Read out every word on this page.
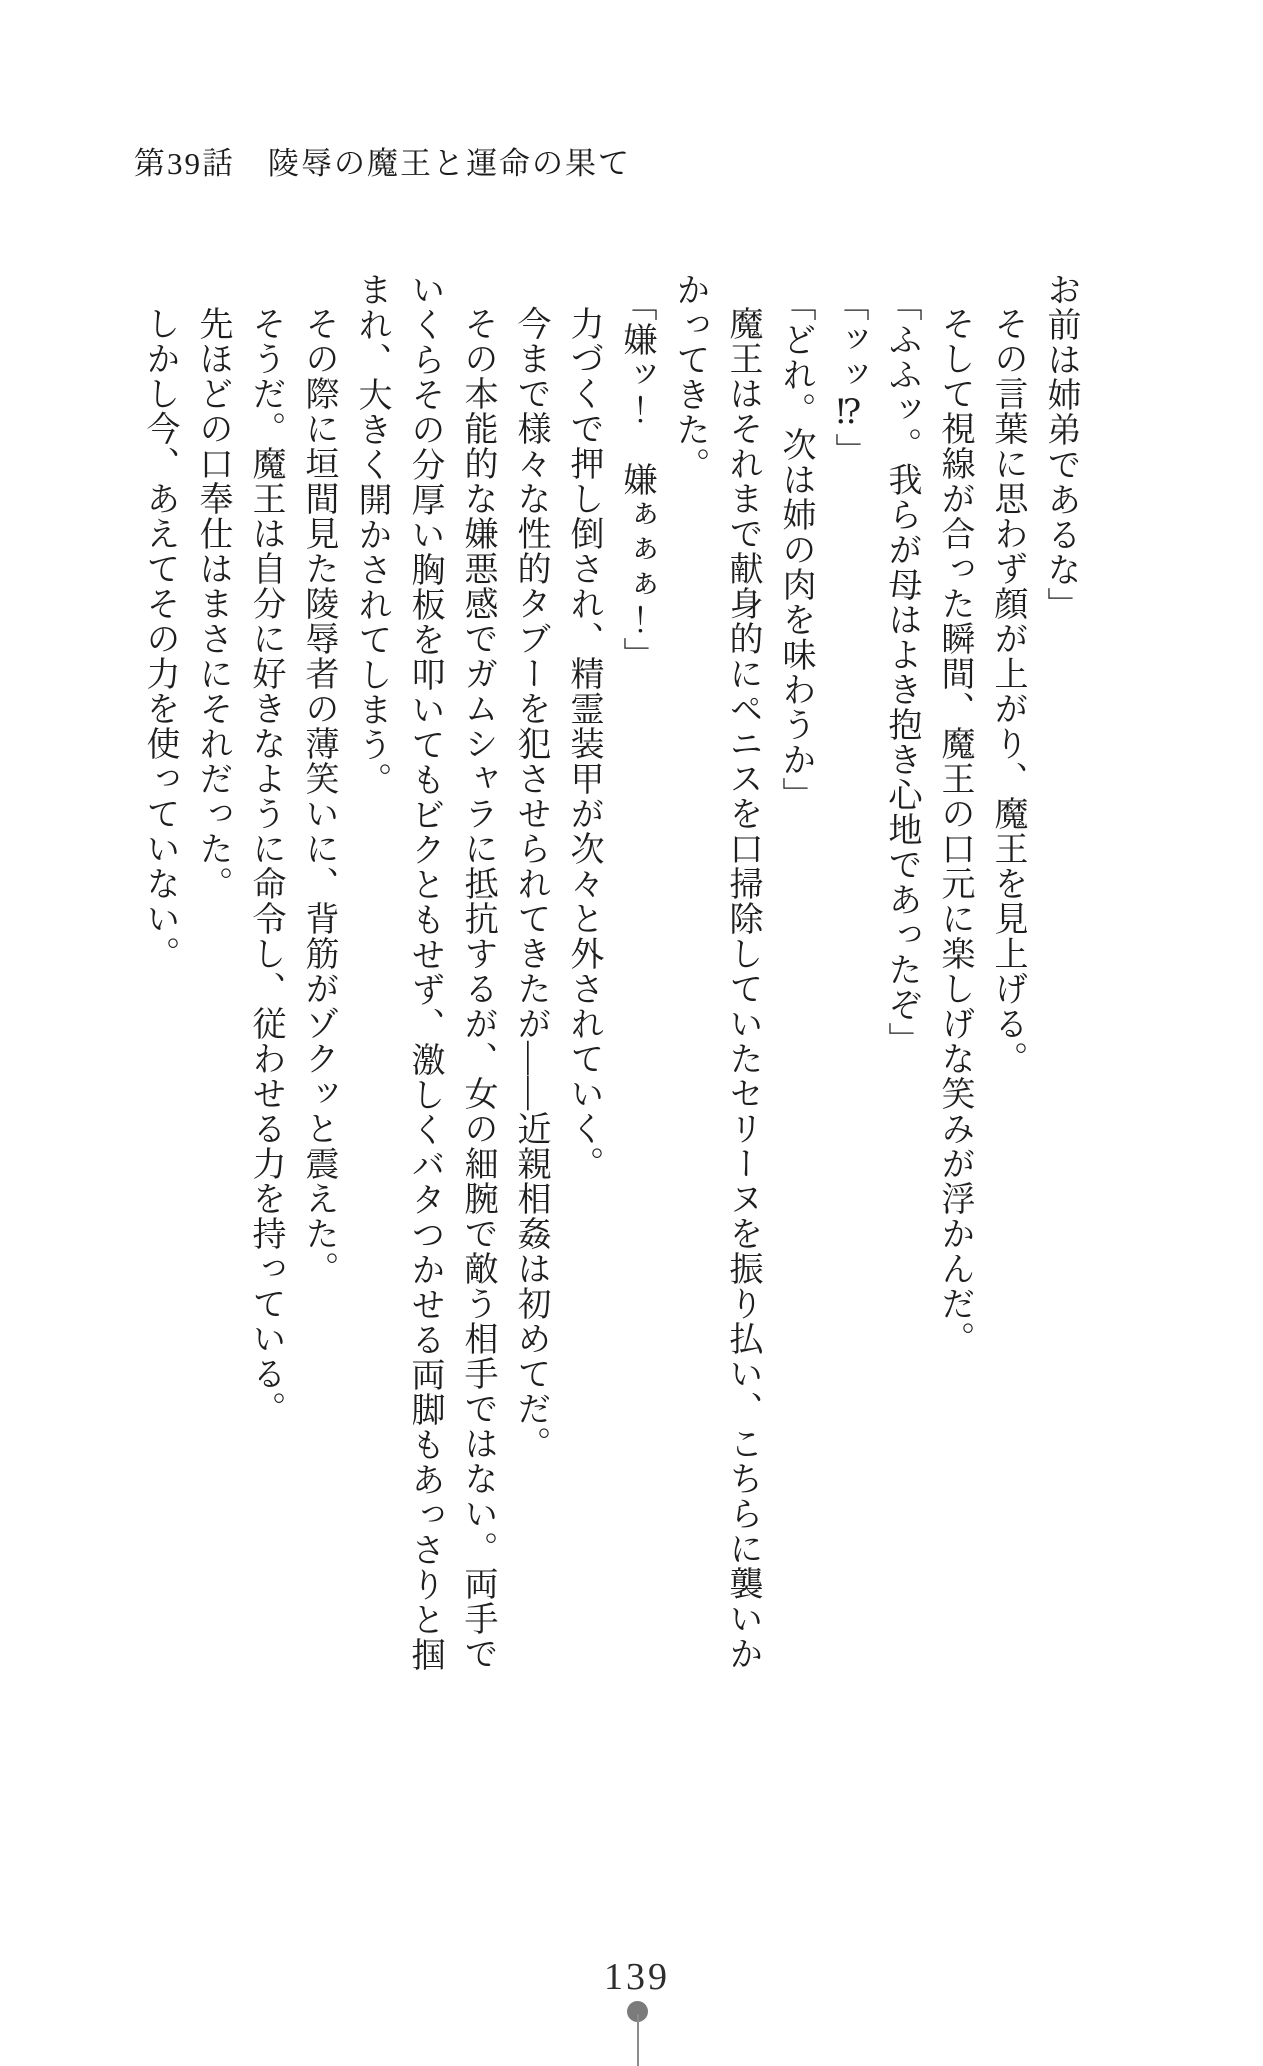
第39話　陵辱の魔王と運命の果て

お前は姉弟であるな」

その言葉に思わず顔が上がり、魔王を見上げる。

そして視線が合った瞬間、魔王の口元に楽しげな笑みが浮かんだ。

「ふふッ。我らが母はよき抱き心地であったぞ」

「ッッ⁉」

「どれ。次は姉の肉を味わうか」

魔王はそれまで献身的にペニスを口掃除していたセリーヌを振り払い、こちらに襲いか

かってきた。

「嫌ッ！　嫌ぁぁぁ！」

力づくで押し倒され、精霊装甲が次々と外されていく。

今まで様々な性的タブーを犯させられてきたが——近親相姦は初めてだ。

その本能的な嫌悪感でガムシャラに抵抗するが、女の細腕で敵う相手ではない。両手で

いくらその分厚い胸板を叩いてもビクともせず、激しくバタつかせる両脚もあっさりと掴

まれ、大きく開かされてしまう。

その際に垣間見た陵辱者の薄笑いに、背筋がゾクッと震えた。

そうだ。魔王は自分に好きなように命令し、従わせる力を持っている。

先ほどの口奉仕はまさにそれだった。

しかし今、あえてその力を使っていない。

139
